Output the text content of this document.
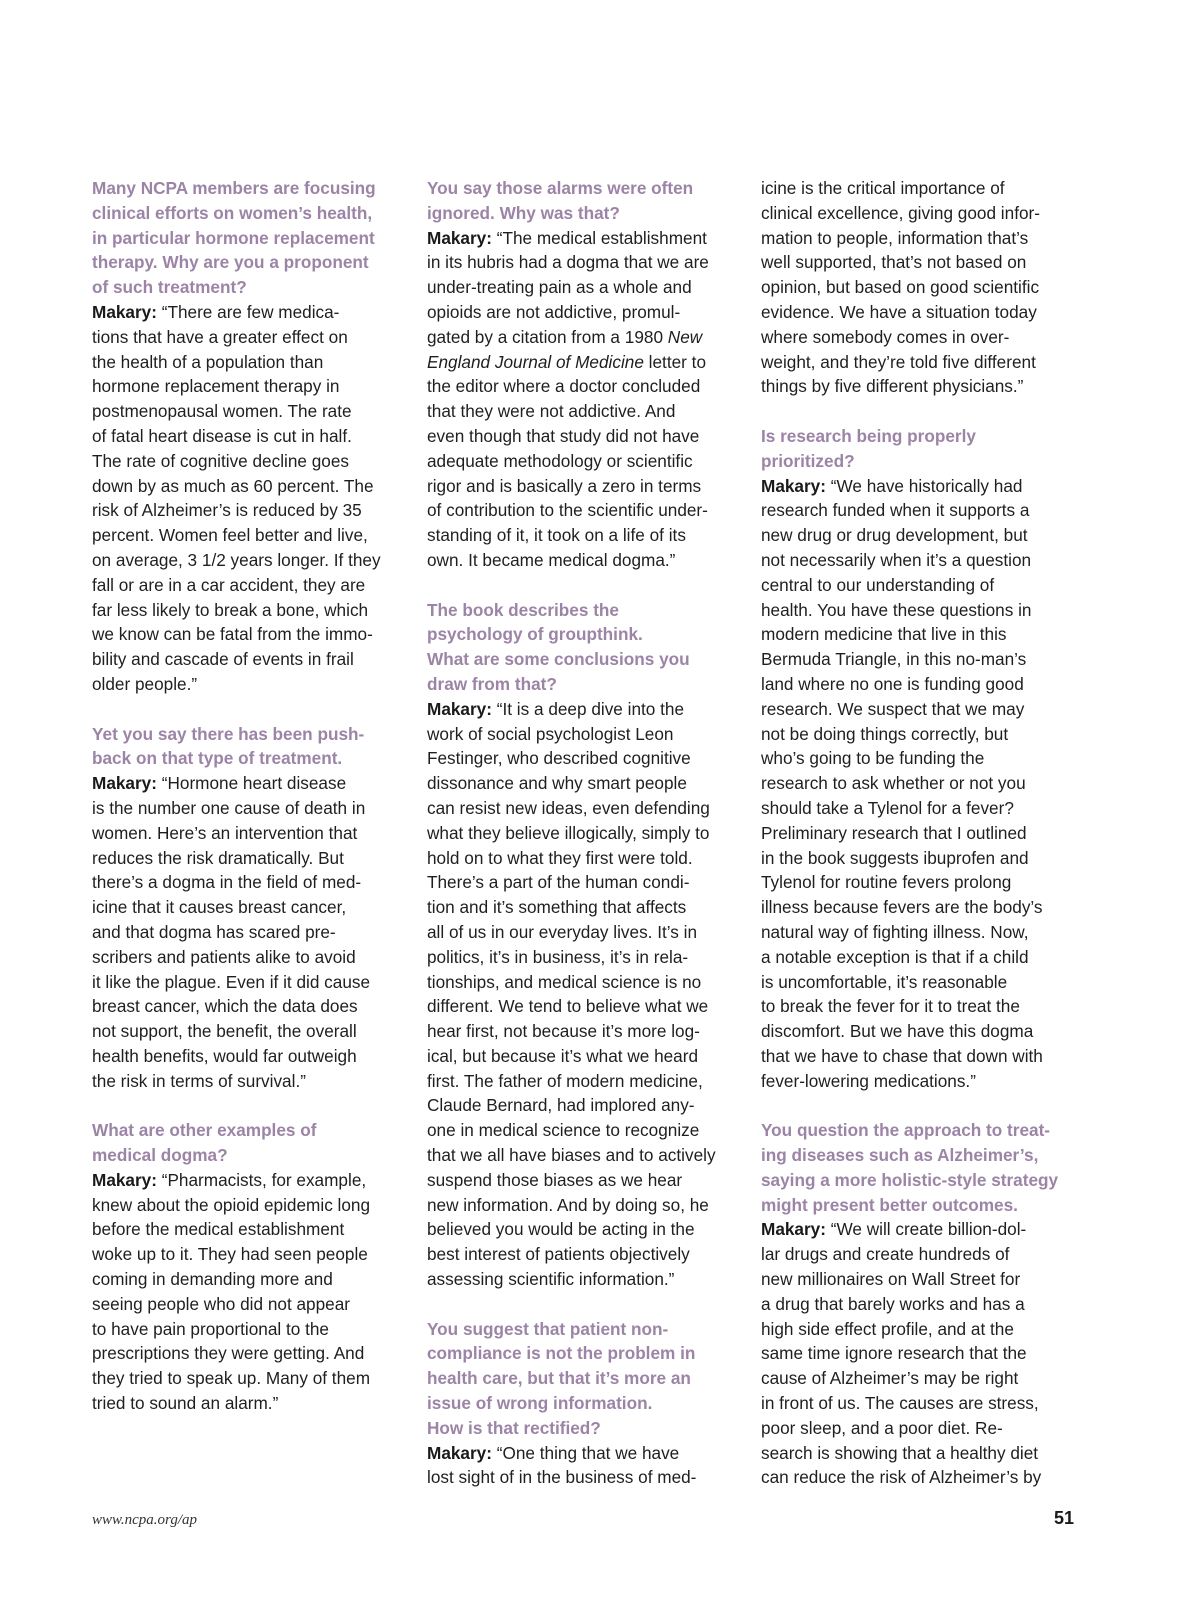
Many NCPA members are focusing
clinical efforts on women’s health,
in particular hormone replacement
therapy. Why are you a proponent
of such treatment?
Makary: “There are few medica-
tions that have a greater effect on
the health of a population than
hormone replacement therapy in
postmenopausal women. The rate
of fatal heart disease is cut in half.
The rate of cognitive decline goes
down by as much as 60 percent. The
risk of Alzheimer’s is reduced by 35
percent. Women feel better and live,
on average, 3 1/2 years longer. If they
fall or are in a car accident, they are
far less likely to break a bone, which
we know can be fatal from the immo-
bility and cascade of events in frail
older people.”
Yet you say there has been push-
back on that type of treatment.
Makary: “Hormone heart disease
is the number one cause of death in
women. Here’s an intervention that
reduces the risk dramatically. But
there’s a dogma in the field of med-
icine that it causes breast cancer,
and that dogma has scared pre-
scribers and patients alike to avoid
it like the plague. Even if it did cause
breast cancer, which the data does
not support, the benefit, the overall
health benefits, would far outweigh
the risk in terms of survival.”
What are other examples of
medical dogma?
Makary: “Pharmacists, for example,
knew about the opioid epidemic long
before the medical establishment
woke up to it. They had seen people
coming in demanding more and
seeing people who did not appear
to have pain proportional to the
prescriptions they were getting. And
they tried to speak up. Many of them
tried to sound an alarm.”
You say those alarms were often
ignored. Why was that?
Makary: “The medical establishment
in its hubris had a dogma that we are
under-treating pain as a whole and
opioids are not addictive, promul-
gated by a citation from a 1980 New
England Journal of Medicine letter to
the editor where a doctor concluded
that they were not addictive. And
even though that study did not have
adequate methodology or scientific
rigor and is basically a zero in terms
of contribution to the scientific under-
standing of it, it took on a life of its
own. It became medical dogma.”
The book describes the
psychology of groupthink.
What are some conclusions you
draw from that?
Makary: “It is a deep dive into the
work of social psychologist Leon
Festinger, who described cognitive
dissonance and why smart people
can resist new ideas, even defending
what they believe illogically, simply to
hold on to what they first were told.
There’s a part of the human condi-
tion and it’s something that affects
all of us in our everyday lives. It’s in
politics, it’s in business, it’s in rela-
tionships, and medical science is no
different. We tend to believe what we
hear first, not because it’s more log-
ical, but because it’s what we heard
first. The father of modern medicine,
Claude Bernard, had implored any-
one in medical science to recognize
that we all have biases and to actively
suspend those biases as we hear
new information. And by doing so, he
believed you would be acting in the
best interest of patients objectively
assessing scientific information.”
You suggest that patient non-
compliance is not the problem in
health care, but that it’s more an
issue of wrong information.
How is that rectified?
Makary: “One thing that we have
lost sight of in the business of med-
icine is the critical importance of
clinical excellence, giving good infor-
mation to people, information that’s
well supported, that’s not based on
opinion, but based on good scientific
evidence. We have a situation today
where somebody comes in over-
weight, and they’re told five different
things by five different physicians.”
Is research being properly
prioritized?
Makary: “We have historically had
research funded when it supports a
new drug or drug development, but
not necessarily when it’s a question
central to our understanding of
health. You have these questions in
modern medicine that live in this
Bermuda Triangle, in this no-man’s
land where no one is funding good
research. We suspect that we may
not be doing things correctly, but
who’s going to be funding the
research to ask whether or not you
should take a Tylenol for a fever?
Preliminary research that I outlined
in the book suggests ibuprofen and
Tylenol for routine fevers prolong
illness because fevers are the body’s
natural way of fighting illness. Now,
a notable exception is that if a child
is uncomfortable, it’s reasonable
to break the fever for it to treat the
discomfort. But we have this dogma
that we have to chase that down with
fever-lowering medications.”
You question the approach to treat-
ing diseases such as Alzheimer’s,
saying a more holistic-style strategy
might present better outcomes.
Makary: “We will create billion-dol-
lar drugs and create hundreds of
new millionaires on Wall Street for
a drug that barely works and has a
high side effect profile, and at the
same time ignore research that the
cause of Alzheimer’s may be right
in front of us. The causes are stress,
poor sleep, and a poor diet. Re-
search is showing that a healthy diet
can reduce the risk of Alzheimer’s by
www.ncpa.org/ap	51
